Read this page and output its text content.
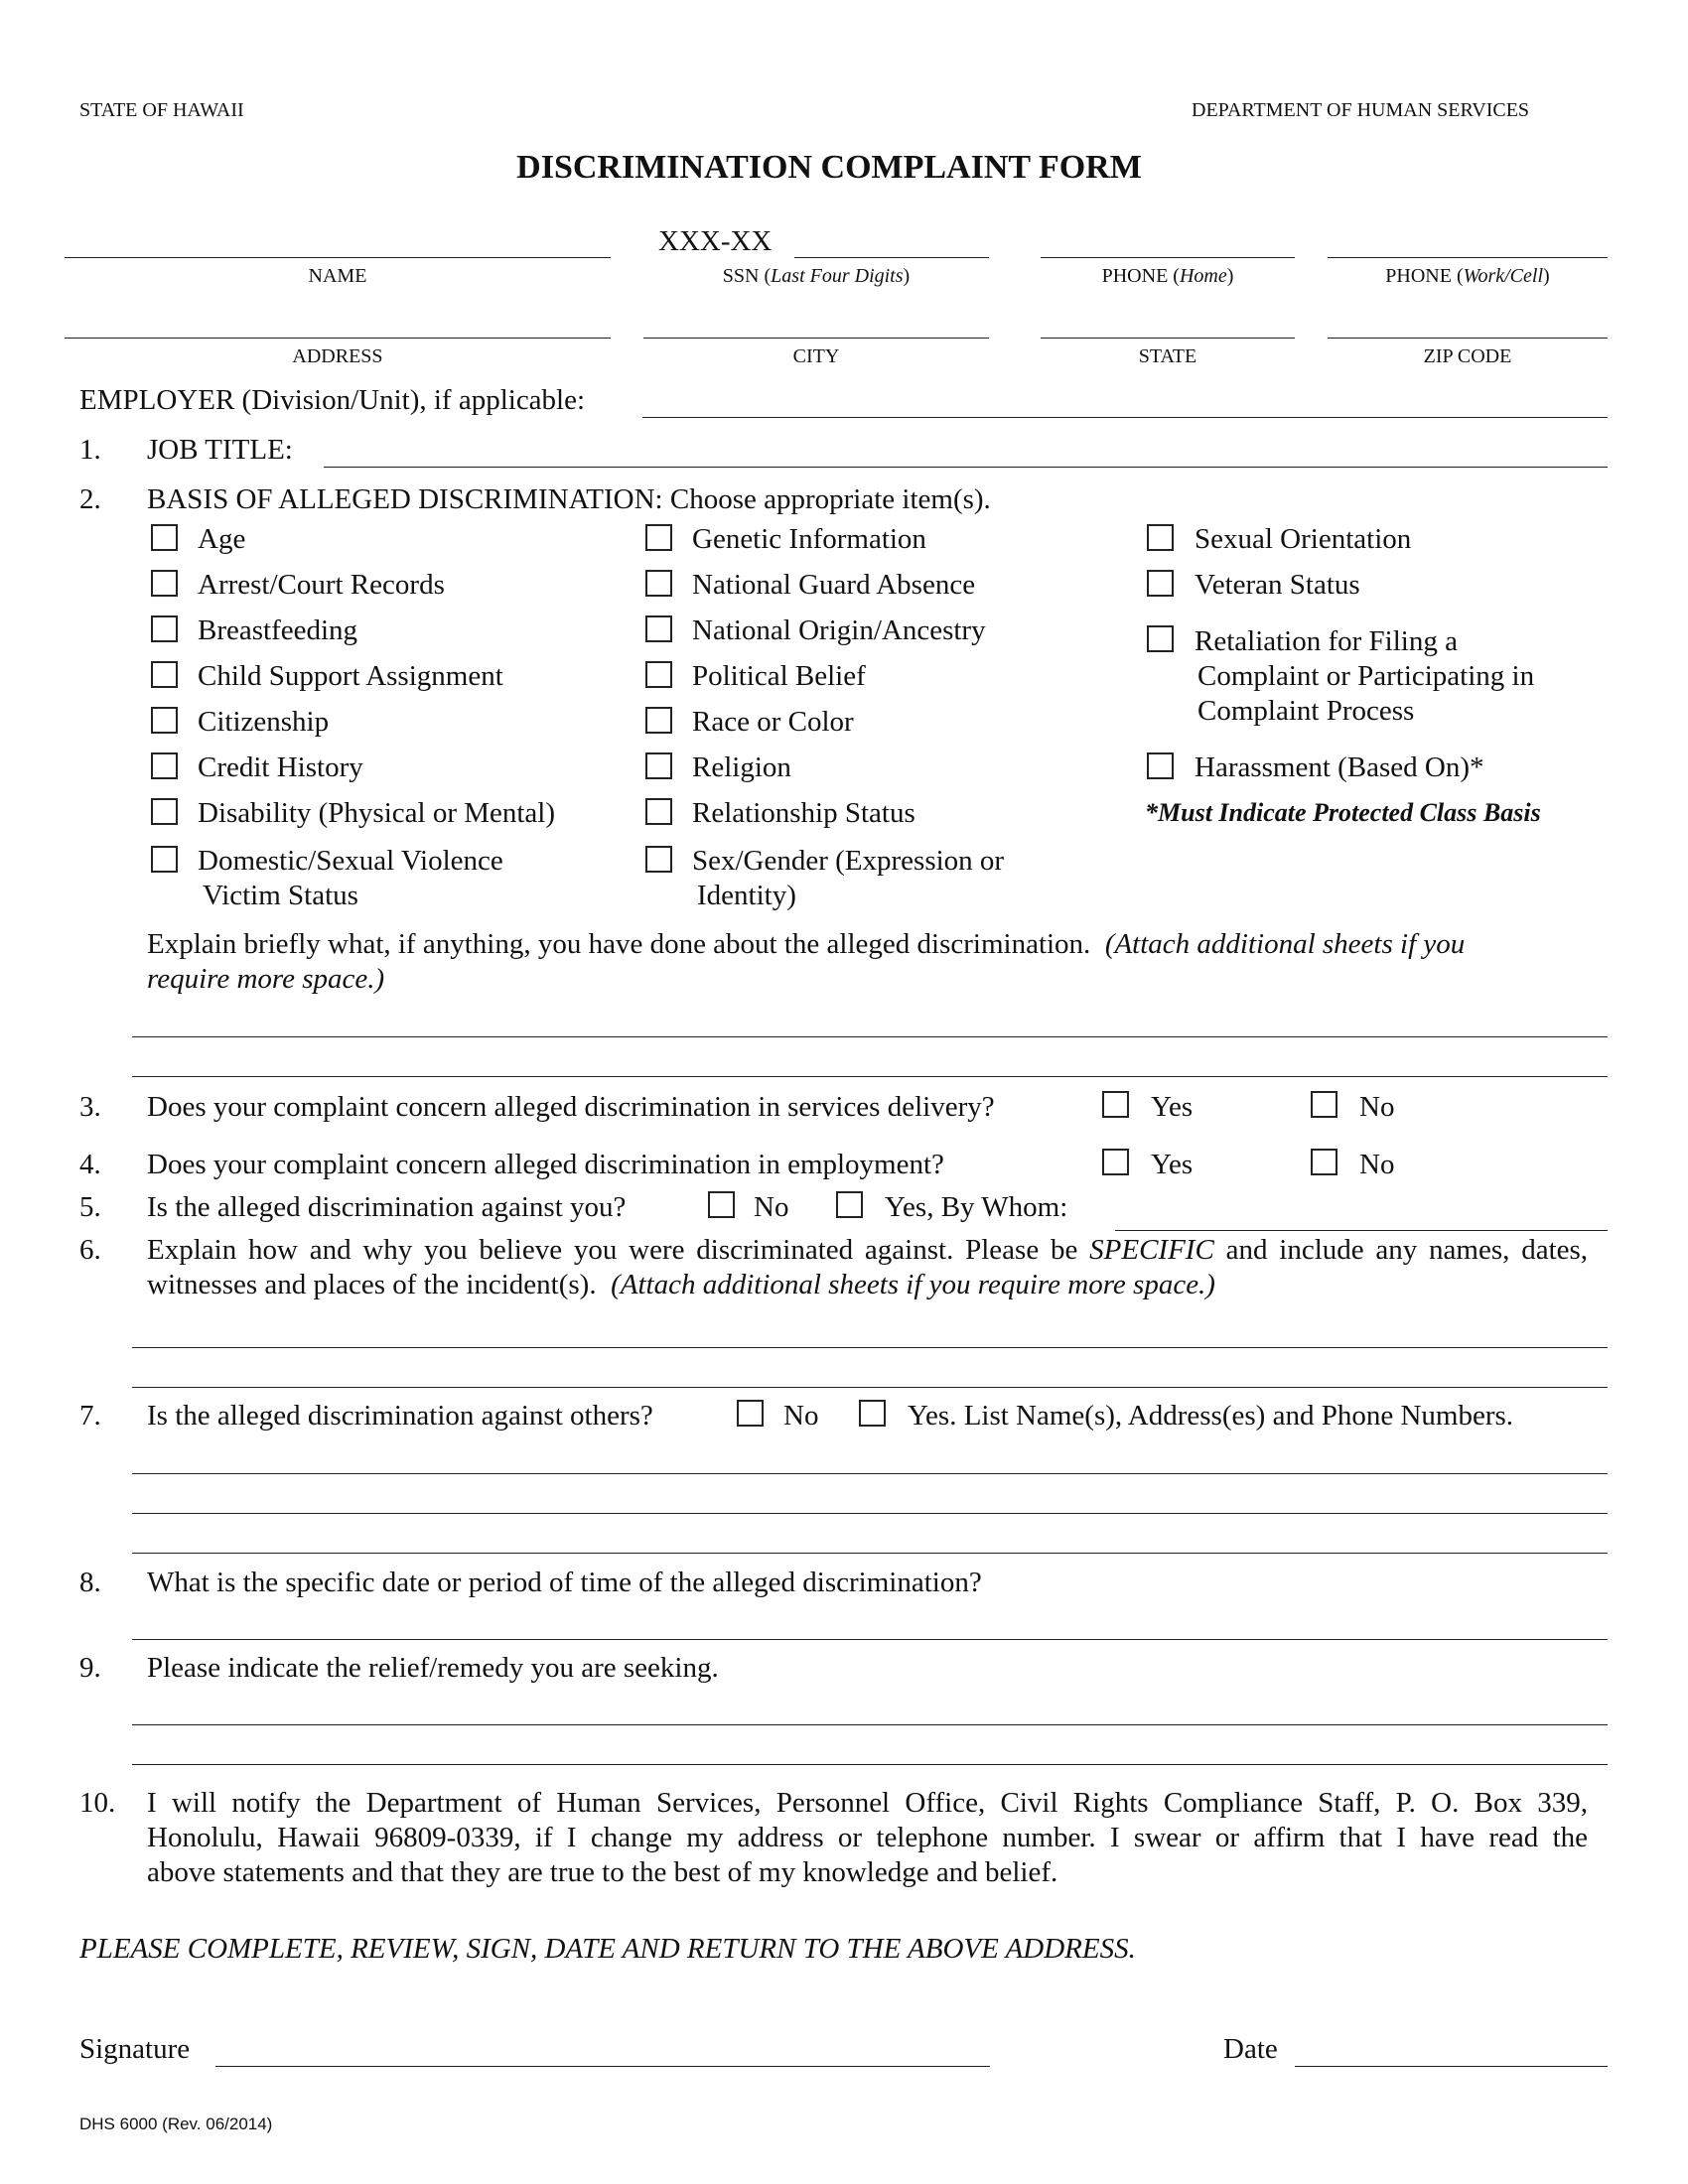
STATE OF HAWAII	DEPARTMENT OF HUMAN SERVICES
DISCRIMINATION COMPLAINT FORM
XXX-XX
NAME	SSN (Last Four Digits)	PHONE (Home)	PHONE (Work/Cell)
ADDRESS	CITY	STATE	ZIP CODE
EMPLOYER (Division/Unit), if applicable:
1. JOB TITLE:
2. BASIS OF ALLEGED DISCRIMINATION: Choose appropriate item(s).
Age
Arrest/Court Records
Breastfeeding
Child Support Assignment
Citizenship
Credit History
Disability (Physical or Mental)
Domestic/Sexual Violence
Victim Status
Genetic Information
National Guard Absence
National Origin/Ancestry
Political Belief
Race or Color
Religion
Relationship Status
Sex/Gender (Expression or
Identity)
Sexual Orientation
Veteran Status
Retaliation for Filing a
Complaint or Participating in
Complaint Process
Harassment (Based On)*
*Must Indicate Protected Class Basis
Explain briefly what, if anything, you have done about the alleged discrimination. (Attach additional sheets if you
require more space.)
3. Does your complaint concern alleged discrimination in services delivery?	Yes	No
4. Does your complaint concern alleged discrimination in employment?	Yes	No
5. Is the alleged discrimination against you?	No	Yes, By Whom:
6. Explain how and why you believe you were discriminated against. Please be SPECIFIC and include any names, dates, witnesses and places of the incident(s). (Attach additional sheets if you require more space.)
7. Is the alleged discrimination against others?	No	Yes. List Name(s), Address(es) and Phone Numbers.
8. What is the specific date or period of time of the alleged discrimination?
9. Please indicate the relief/remedy you are seeking.
10. I will notify the Department of Human Services, Personnel Office, Civil Rights Compliance Staff, P. O. Box 339,
Honolulu, Hawaii 96809-0339, if I change my address or telephone number. I swear or affirm that I have read the
above statements and that they are true to the best of my knowledge and belief.
PLEASE COMPLETE, REVIEW, SIGN, DATE AND RETURN TO THE ABOVE ADDRESS.
Signature	Date
DHS 6000 (Rev. 06/2014)
